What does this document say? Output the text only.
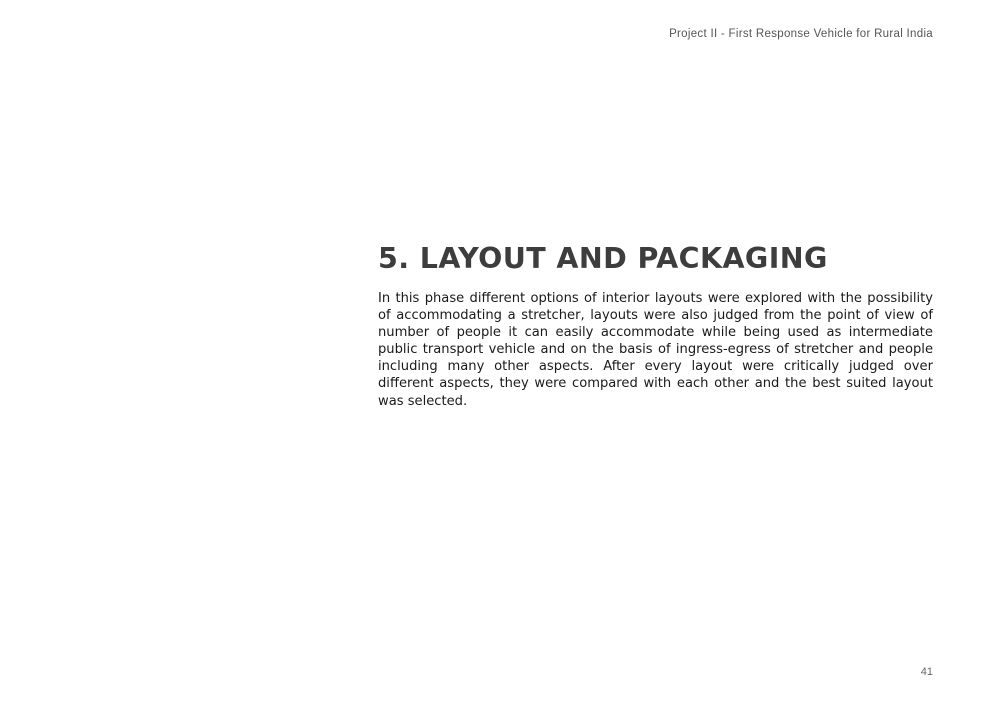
Project II - First Response Vehicle for Rural India
5. LAYOUT AND PACKAGING

In this phase different options of interior layouts were explored with the possibility of accommodating a stretcher, layouts were also judged from the point of view of number of people it can easily accommodate while being used as intermediate public transport vehicle and on the basis of ingress-egress of stretcher and people including many other aspects. After every layout were critically judged over different aspects, they were compared with each other and the best suited layout was selected.

41
